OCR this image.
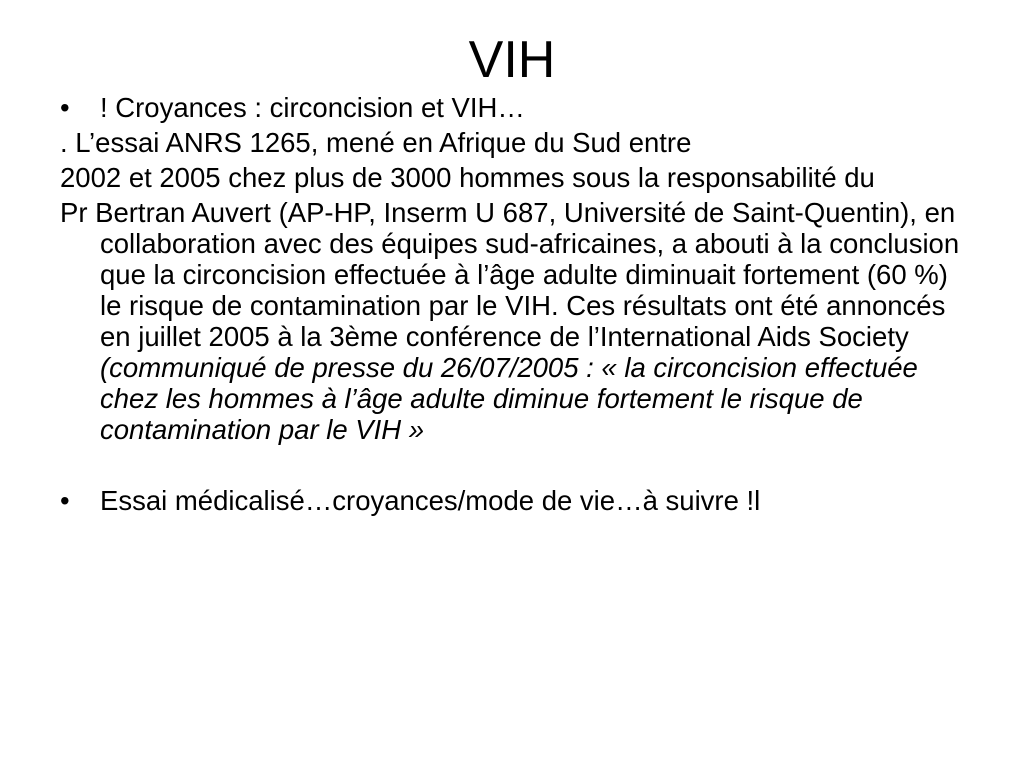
VIH

• ! Croyances : circoncision et VIH…

. L’essai ANRS 1265, mené en Afrique du Sud entre

2002 et 2005 chez plus de 3000 hommes sous la responsabilité du

Pr Bertran Auvert (AP-HP, Inserm U 687, Université de Saint-Quentin), en collaboration avec des équipes sud-africaines, a abouti à la conclusion que la circoncision effectuée à l’âge adulte diminuait fortement (60 %) le risque de contamination par le VIH. Ces résultats ont été annoncés en juillet 2005 à la 3ème conférence de l’International Aids Society (communiqué de presse du 26/07/2005 : « la circoncision effectuée chez les hommes à l’âge adulte diminue fortement le risque de contamination par le VIH »

• Essai médicalisé…croyances/mode de vie…à suivre !l
